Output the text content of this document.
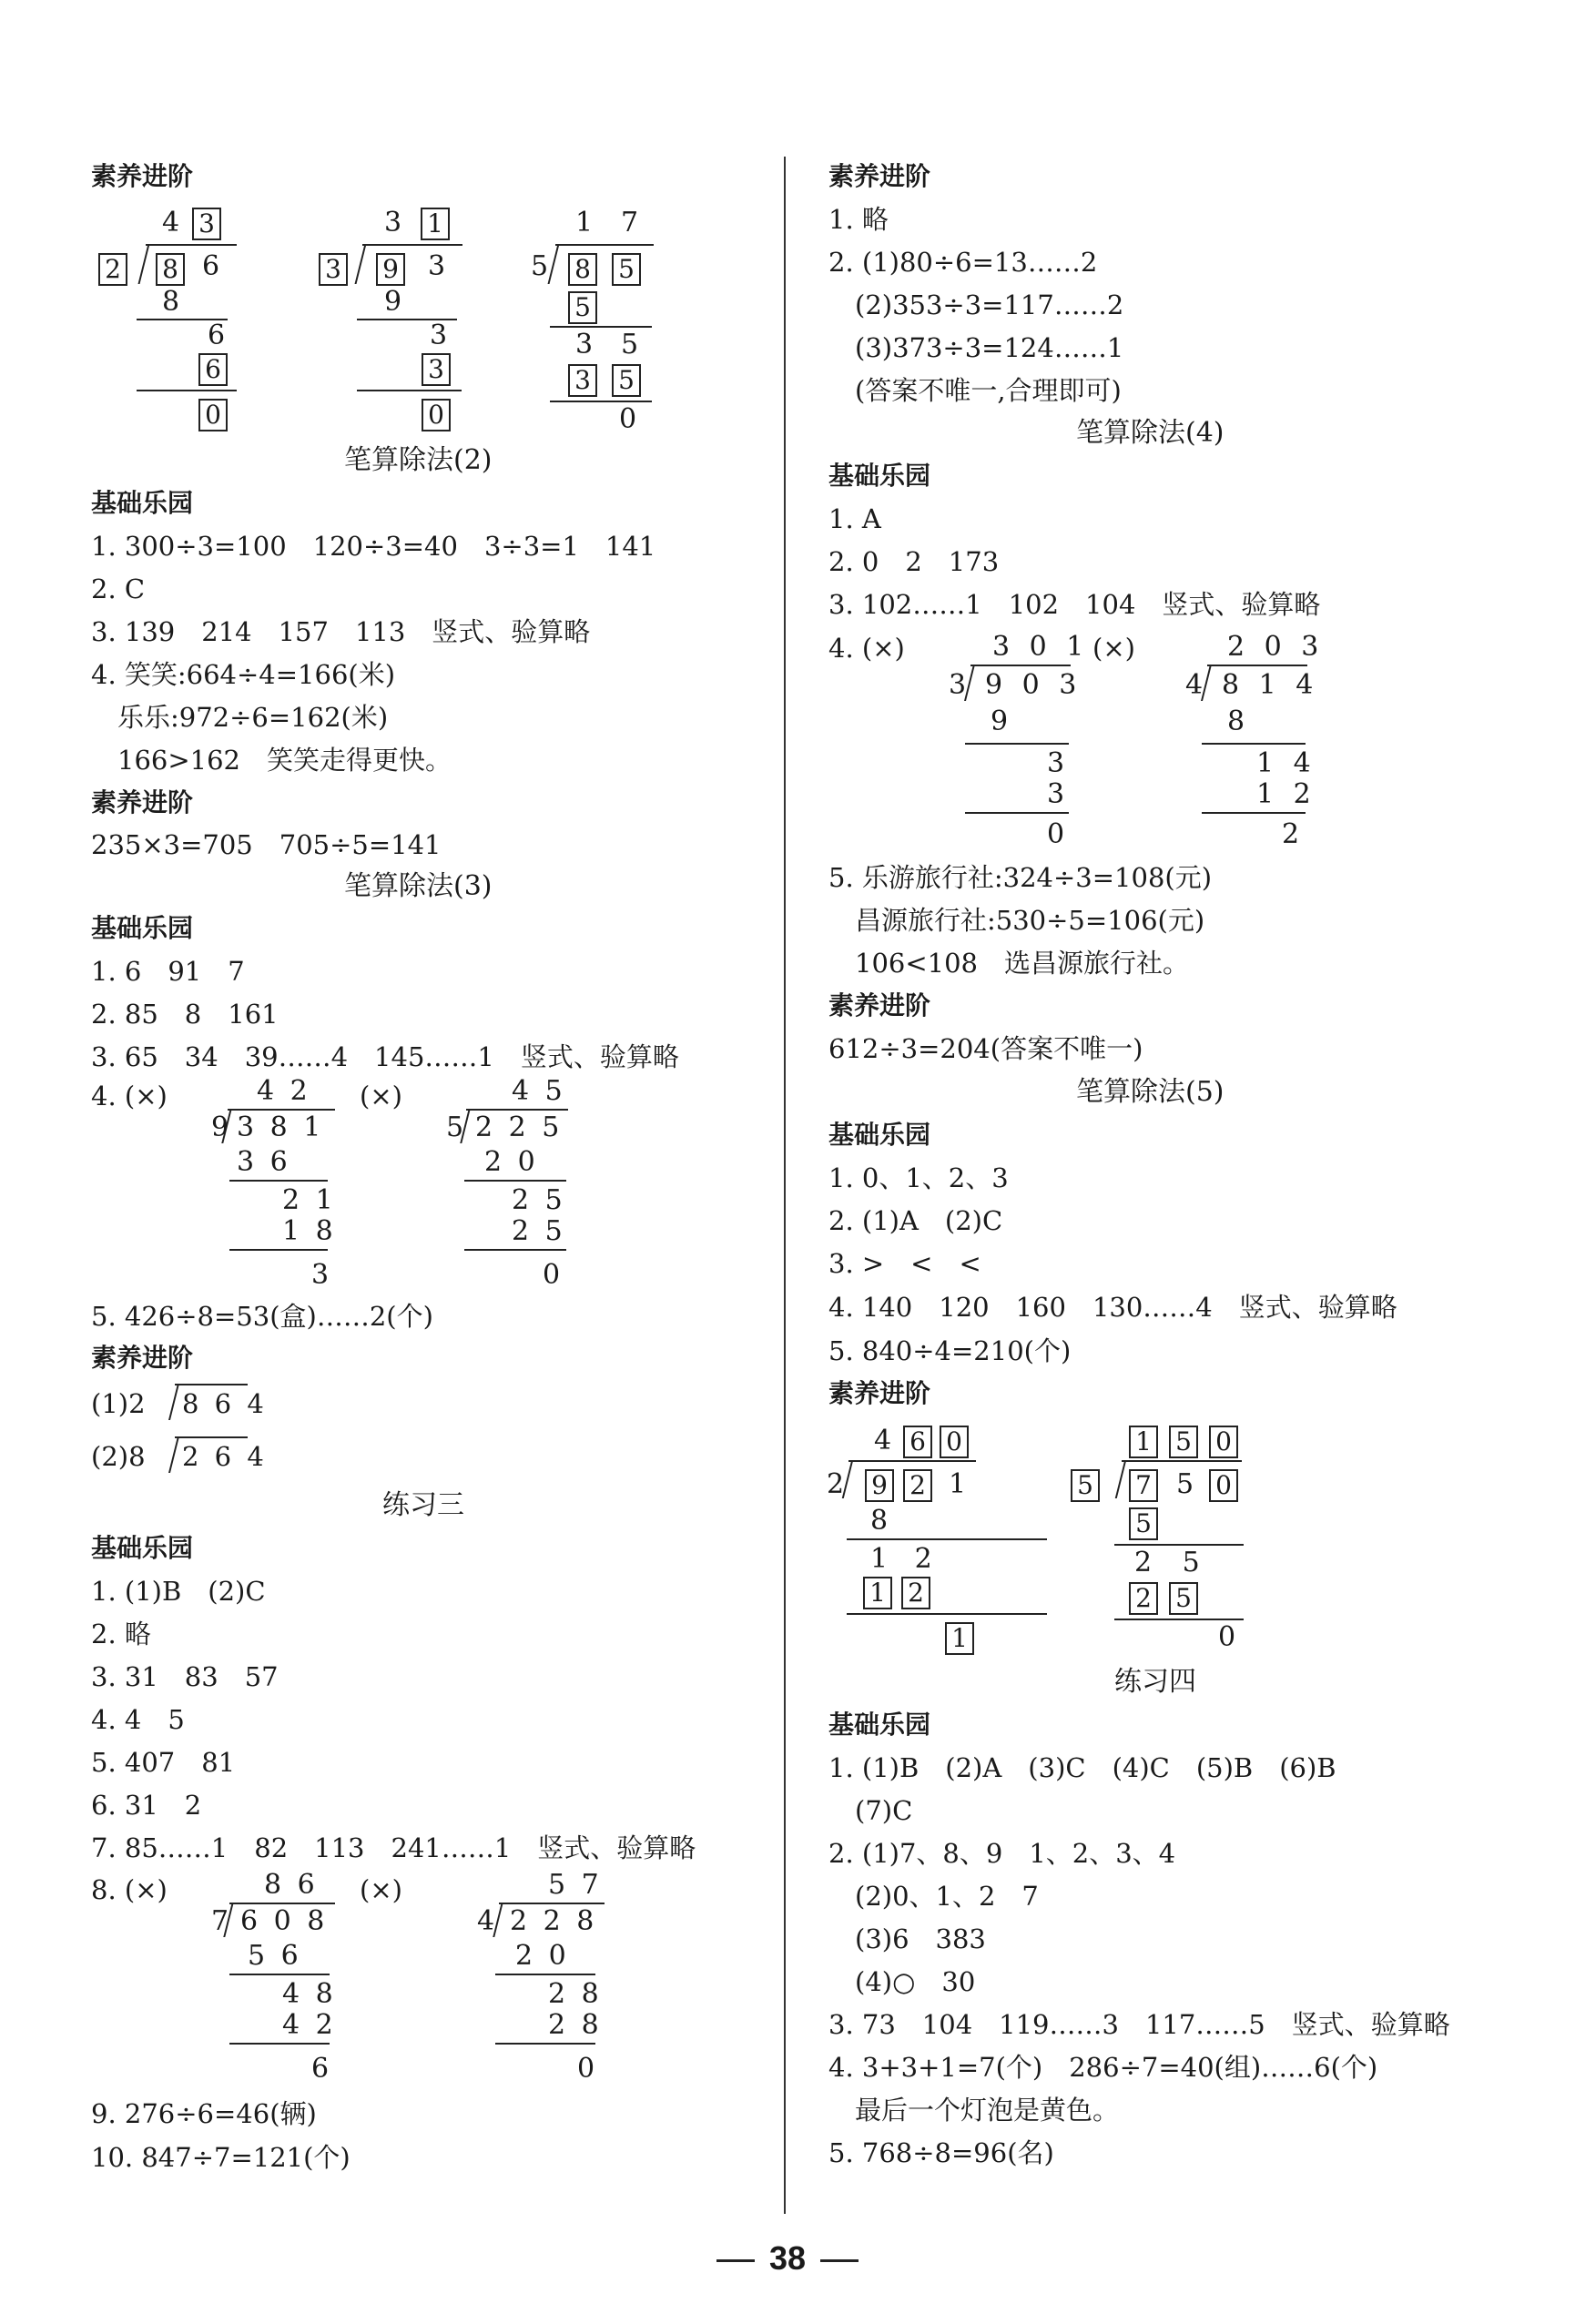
素养进阶
4 3
2 8 6
8
6
6
0
3 1
3 9 3
9
3
3
0
1 7
5 8 5
5
3 5
3 5
0
笔算除法(2)
基础乐园
1. 300÷3=100　120÷3=40　3÷3=1　141
2. C
3. 139　214　157　113　竖式、验算略
4. 笑笑:664÷4=166(米)
　乐乐:972÷6=162(米)
　166>162　笑笑走得更快。
素养进阶
235×3=705　705÷5=141
笔算除法(3)
基础乐园
1. 6　91　7
2. 85　8　161
3. 65　34　39……4　145……1　竖式、验算略
4. (×)	(×)
4 2
9 3 8 1
3 6
2 1
1 8
3
4 5
5 2 2 5
2 0
2 5
2 5
0
5. 426÷8=53(盒)……2(个)
素养进阶
(1)2 8 6 4
(2)8 2 6 4
练习三
基础乐园
1. (1)B　(2)C
2. 略
3. 31　83　57
4. 4　5
5. 407　81
6. 31　2
7. 85……1　82　113　241……1　竖式、验算略
8. (×)	(×)
8 6
7 6 0 8
5 6
4 8
4 2
6
5 7
4 2 2 8
2 0
2 8
2 8
0
9. 276÷6=46(辆)
10. 847÷7=121(个)
素养进阶
1. 略
2. (1)80÷6=13……2
　(2)353÷3=117……2
　(3)373÷3=124……1
　(答案不唯一,合理即可)
笔算除法(4)
基础乐园
1. A
2. 0　2　173
3. 102……1　102　104　竖式、验算略
4. (×)	(×)
3 0 1
3 9 0 3
9
3
3
0
2 0 3
4 8 1 4
8
1 4
1 2
2
5. 乐游旅行社:324÷3=108(元)
　昌源旅行社:530÷5=106(元)
　106<108　选昌源旅行社。
素养进阶
612÷3=204(答案不唯一)
笔算除法(5)
基础乐园
1. 0、1、2、3
2. (1)A　(2)C
3. >　<　<
4. 140　120　160　130……4　竖式、验算略
5. 840÷4=210(个)
素养进阶
4 6 0
2 9 2 1
8
1 2
1 2
1
1 5 0
5 7 5 0
5
2 5
2 5
0
练习四
基础乐园
1. (1)B　(2)A　(3)C　(4)C　(5)B　(6)B
　(7)C
2. (1)7、8、9　1、2、3、4
　(2)0、1、2　7
　(3)6　383
　(4)○　30
3. 73　104　119……3　117……5　竖式、验算略
4. 3+3+1=7(个)　286÷7=40(组)……6(个)
　最后一个灯泡是黄色。
5. 768÷8=96(名)
38
